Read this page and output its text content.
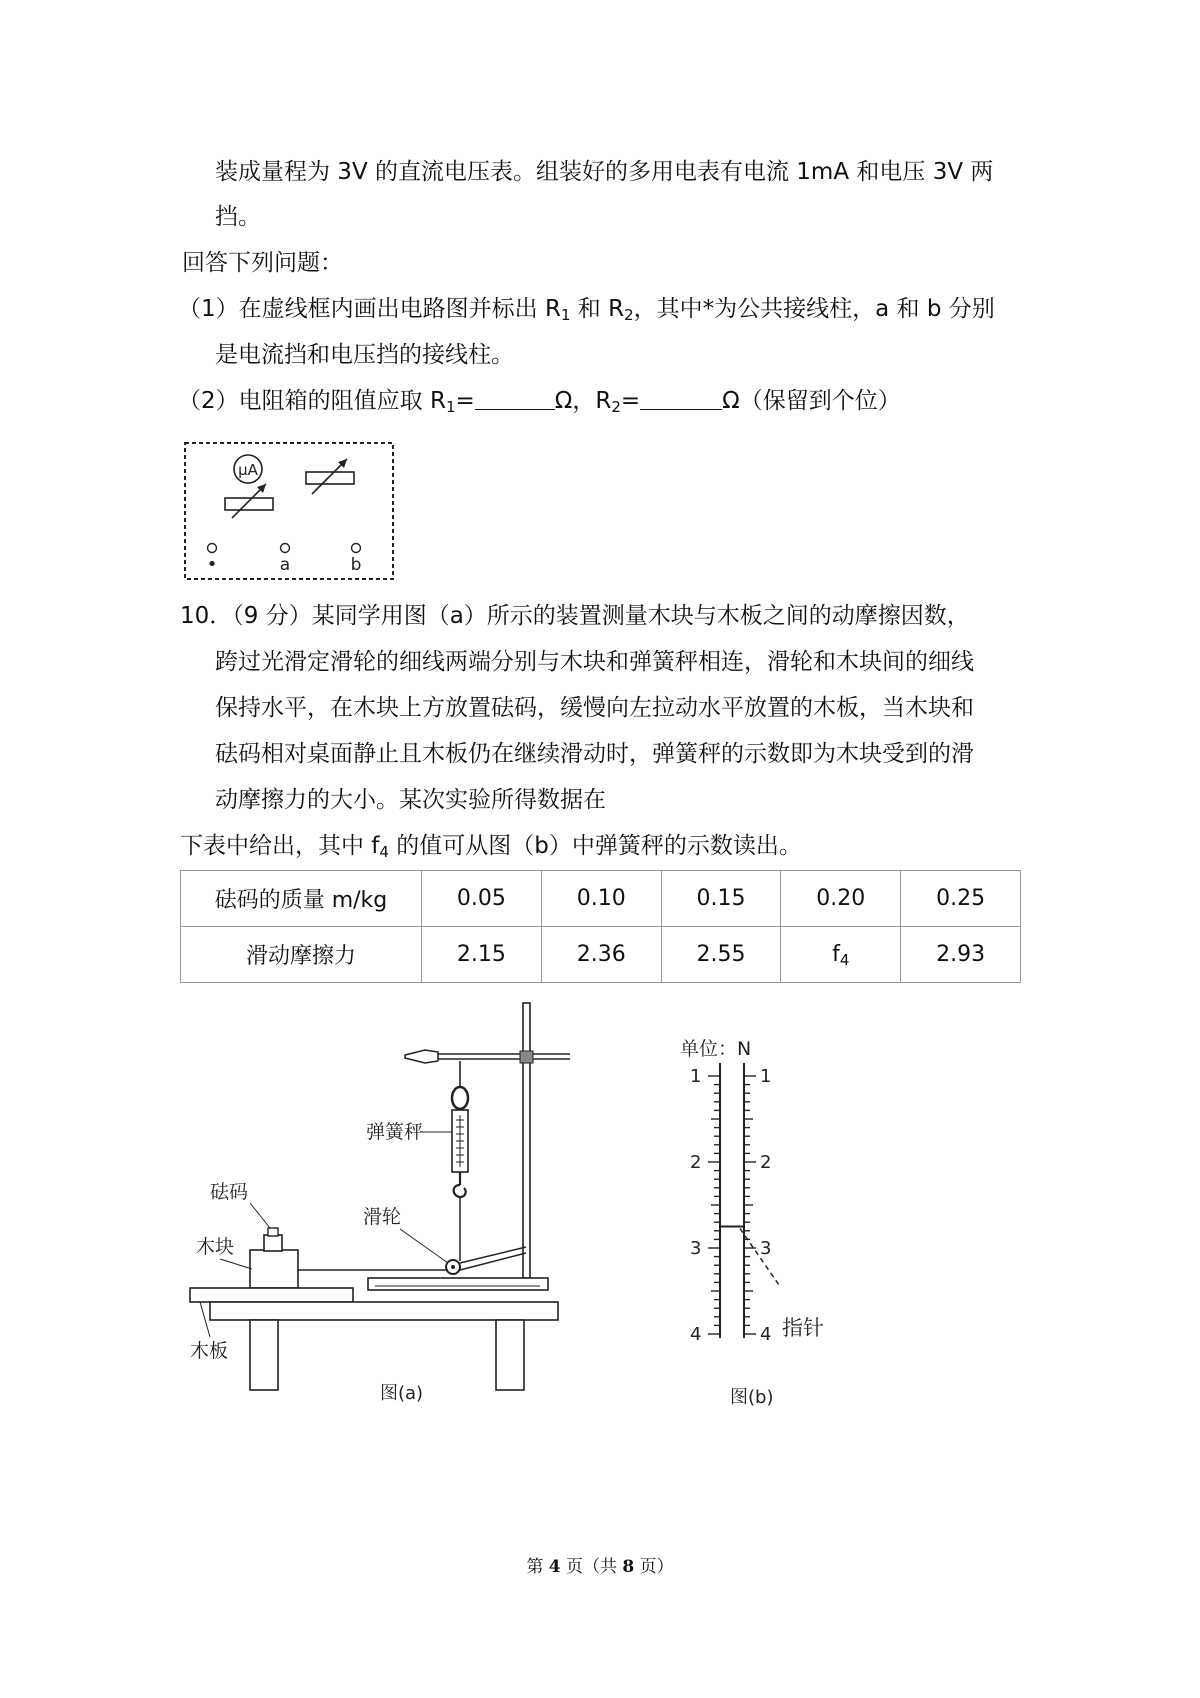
装成量程为 3V 的直流电压表。组装好的多用电表有电流 1mA 和电压 3V 两
挡。
回答下列问题：
（1）在虚线框内画出电路图并标出 $R_1$ 和 $R_2$，其中*为公共接线柱，a 和 b 分别
是电流挡和电压挡的接线柱。
（2）电阻箱的阻值应取 $R_1=$	Ω，$R_2=$	Ω（保留到个位）
μA
•	a	b
10．（9 分）某同学用图（a）所示的装置测量木块与木板之间的动摩擦因数，
跨过光滑定滑轮的细线两端分别与木块和弹簧秤相连，滑轮和木块间的细线
保持水平，在木块上方放置砝码，缓慢向左拉动水平放置的木板，当木块和
砝码相对桌面静止且木板仍在继续滑动时，弹簧秤的示数即为木块受到的滑
动摩擦力的大小。某次实验所得数据在
下表中给出，其中 $f_4$ 的值可从图（b）中弹簧秤的示数读出。
砝码的质量 m/kg	0.05	0.10	0.15	0.20	0.25
滑动摩擦力	2.15	2.36	2.55	$f_4$	2.93
弹簧秤
砝码
滑轮
木块
木板
图(a)
单位：N
1	1
2	2
3	3
4	4 指针
图(b)
第 4 页（共 8 页）
